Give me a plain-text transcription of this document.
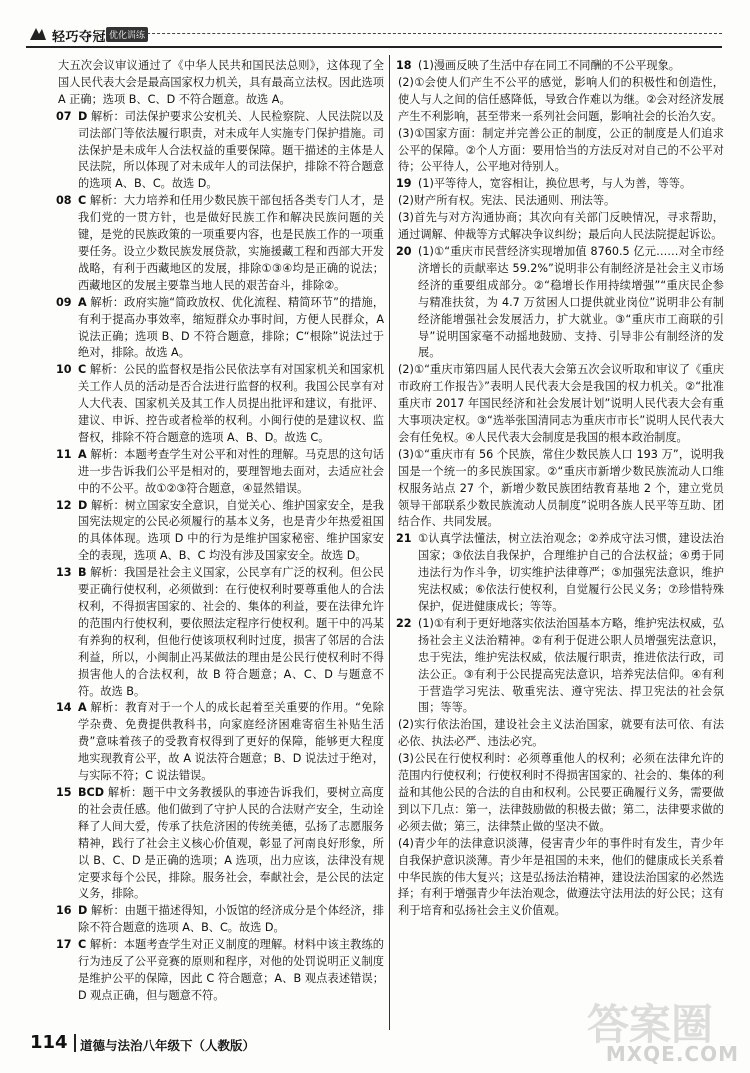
轻巧夺冠 优化训练

大五次会议审议通过了《中华人民共和国民法总则》，这体现了全国人民代表大会是最高国家权力机关，具有最高立法权。因此选项 A 正确；选项 B、C、D 不符合题意。故选 A。

07 D 解析：司法保护要求公安机关、人民检察院、人民法院以及司法部门等依法履行职责，对未成年人实施专门保护措施。司法保护是未成年人合法权益的重要保障。题干描述的主体是人民法院，所以体现了对未成年人的司法保护，排除不符合题意的选项 A、B、C。故选 D。

08 C 解析：大力培养和任用少数民族干部包括各类专门人才，是我们党的一贯方针，也是做好民族工作和解决民族问题的关键，是党的民族政策的一项重要内容，也是民族工作的一项重要任务。设立少数民族发展贷款，实施援藏工程和西部大开发战略，有利于西藏地区的发展，排除①③④均是正确的说法；西藏地区的发展主要靠当地人民的艰苦奋斗，排除②。

09 A 解析：政府实施“简政放权、优化流程、精简环节”的措施，有利于提高办事效率，缩短群众办事时间，方便人民群众，A 说法正确；选项 B、D 不符合题意，排除；C“根除”说法过于绝对，排除。故选 A。

10 C 解析：公民的监督权是指公民依法享有对国家机关和国家机关工作人员的活动是否合法进行监督的权利。我国公民享有对人大代表、国家机关及其工作人员提出批评和建议，有批评、建议、申诉、控告或者检举的权利。小闽行使的是建议权、监督权，排除不符合题意的选项 A、B、D。故选 C。

11 A 解析：本题考查学生对公平和对性的理解。马克思的这句话进一步告诉我们公平是相对的，要理智地去面对，去适应社会中的不公平。故①②③符合题意，④显然错误。

12 D 解析：树立国家安全意识，自觉关心、维护国家安全，是我国宪法规定的公民必须履行的基本义务，也是青少年热爱祖国的具体体现。选项 D 中的行为是维护国家秘密、维护国家安全的表现，选项 A、B、C 均没有涉及国家安全。故选 D。

13 B 解析：我国是社会主义国家，公民享有广泛的权利。但公民要正确行使权利，必须做到：在行使权利时要尊重他人的合法权利，不得损害国家的、社会的、集体的利益，要在法律允许的范围内行使权利，要依照法定程序行使权利。题干中的冯某有养狗的权利，但他行使该项权利时过度，损害了邻居的合法利益，所以，小闽制止冯某做法的理由是公民行使权利时不得损害他人的合法权利，故 B 符合题意；A、C、D 与题意不符。故选 B。

14 A 解析：教育对于一个人的成长起着至关重要的作用。“免除学杂费、免费提供教科书，向家庭经济困难寄宿生补贴生活费”意味着孩子的受教育权得到了更好的保障，能够更大程度地实现教育公平，故 A 说法符合题意；B、D 说法过于绝对，与实际不符；C 说法错误。

15 BCD 解析：题干中文务教援队的事迹告诉我们，要树立高度的社会责任感。他们做到了守护人民的合法财产安全，生动诠释了人间大爱，传承了扶危济困的传统美德，弘扬了志愿服务精神，践行了社会主义核心价值观，彰显了河南良好形象，所以 B、C、D 是正确的选项；A 选项，出力应该，法律没有规定要求每个公民，排除。服务社会，奉献社会，是公民的法定义务，排除。

16 D 解析：由题干描述得知，小饭馆的经济成分是个体经济，排除不符合题意的选项 A、B、C。故选 D。

17 C 解析：本题考查学生对正义制度的理解。材料中该主教练的行为违反了公平竞赛的原则和程序，对他的处罚说明正义制度是维护公平的保障，因此 C 符合题意；A、B 观点表述错误；D 观点正确，但与题意不符。

18 (1)漫画反映了生活中存在同工不同酬的不公平现象。

(2)①会使人们产生不公平的感觉，影响人们的积极性和创造性，使人与人之间的信任感降低，导致合作难以为继。②会对经济发展产生不利影响，甚至带来一系列社会问题，影响社会的长治久安。

(3)①国家方面：制定并完善公正的制度，公正的制度是人们追求公平的保障。②个人方面：要用恰当的方法反对对自己的不公平对待；公平待人，公平地对待别人。

19 (1)平等待人，宽容相让，换位思考，与人为善，等等。

(2)财产所有权。宪法、民法通则、刑法等。

(3)首先与对方沟通协商；其次向有关部门反映情况，寻求帮助，通过调解、仲裁等方式解决争议纠纷；最后向人民法院提起诉讼。

20 (1)①“重庆市民营经济实现增加值 8760.5 亿元……对全市经济增长的贡献率达 59.2%”说明非公有制经济是社会主义市场经济的重要组成部分。②“稳增长作用持续增强”“重庆民企参与精准扶贫，为 4.7 万贫困人口提供就业岗位”说明非公有制经济能增强社会发展活力，扩大就业。③“重庆市工商联的引导”说明国家毫不动摇地鼓励、支持、引导非公有制经济的发展。

(2)①“重庆市第四届人民代表大会第五次会议听取和审议了《重庆市政府工作报告》”表明人民代表大会是我国的权力机关。②“批准重庆市 2017 年国民经济和社会发展计划”说明人民代表大会有重大事项决定权。③“选举张国清同志为重庆市市长”说明人民代表大会有任免权。④人民代表大会制度是我国的根本政治制度。

(3)①“重庆市有 56 个民族，常住少数民族人口 193 万”，说明我国是一个统一的多民族国家。②“重庆市新增少数民族流动人口维权服务站点 27 个，新增少数民族团结教育基地 2 个，建立党员领导干部联系少数民族流动人员制度”说明各族人民平等互助、团结合作、共同发展。

21 ①认真学法懂法，树立法治观念；②养成守法习惯，建设法治国家；③依法自我保护，合理维护自己的合法权益；④勇于同违法行为作斗争，切实维护法律尊严；⑤加强宪法意识，维护宪法权威；⑥依法行使权利，自觉履行公民义务；⑦珍惜特殊保护，促进健康成长；等等。

22 (1)①有利于更好地落实依法治国基本方略，维护宪法权威，弘扬社会主义法治精神。②有利于促进公职人员增强宪法意识，忠于宪法，维护宪法权威，依法履行职责，推进依法行政，司法公正。③有利于公民提高宪法意识，培养宪法信仰。④有利于营造学习宪法、敬重宪法、遵守宪法、捍卫宪法的社会氛围；等等。

(2)实行依法治国，建设社会主义法治国家，就要有法可依、有法必依、执法必严、违法必究。

(3)公民在行使权利时：必须尊重他人的权利；必须在法律允许的范围内行使权利；行使权利时不得损害国家的、社会的、集体的利益和其他公民的合法的自由和权利。公民要正确履行义务，需要做到以下几点：第一，法律鼓励做的积极去做；第二，法律要求做的必须去做；第三，法律禁止做的坚决不做。

(4)青少年的法律意识淡薄，侵害青少年的事件时有发生，青少年自我保护意识淡薄。青少年是祖国的未来，他们的健康成长关系着中华民族的伟大复兴；这是弘扬法治精神，建设法治国家的必然选择；有利于增强青少年法治观念，做遵法守法用法的好公民；这有利于培育和弘扬社会主义价值观。

114 道德与法治八年级下（人教版）	答案圈
MXQE.COM
